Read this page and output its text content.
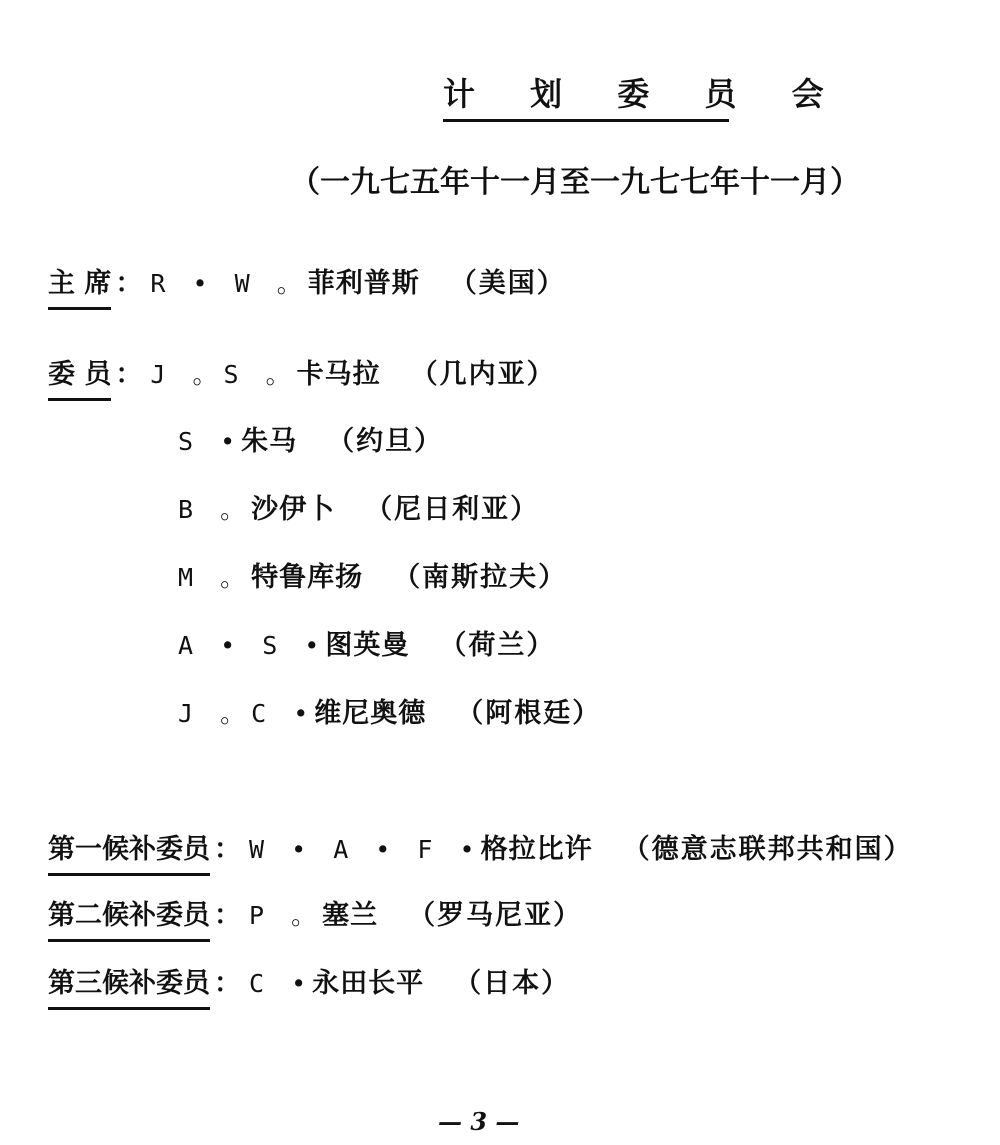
计 划 委 员 会
（一九七五年十一月至一九七七年十一月）
主 席 ： R • W 。菲利普斯 （美国）
委 员 ： J 。S 。卡马拉 （几内亚）
S •朱马 （约旦）
B 。沙伊卜 （尼日利亚）
M 。特鲁库扬 （南斯拉夫）
A • S •图英曼 （荷兰）
J 。C •维尼奥德 （阿根廷）
第一候补委员 ： W • A • F •格拉比许 （德意志联邦共和国）
第二候补委员 ： P 。塞兰 （罗马尼亚）
第三候补委员 ： C •永田长平 （日本）
— 3 —
